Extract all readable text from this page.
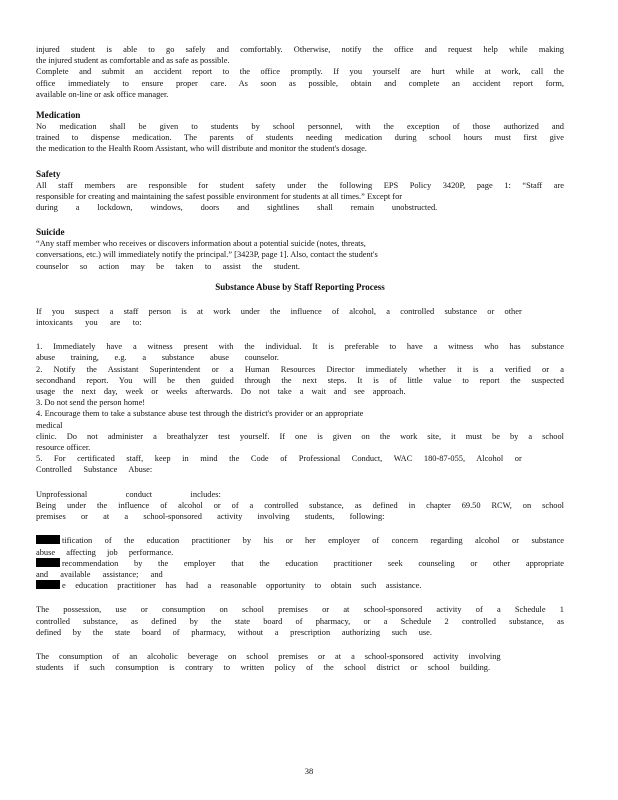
injured student is able to go safely and comfortably. Otherwise, notify the office and request help while making

the injured student as comfortable and as safe as possible.

Complete and submit an accident report to the office promptly. If you yourself are hurt while at work, call the

office immediately to ensure proper care. As soon as possible, obtain and complete an accident report form,

available on-line or ask office manager.

Medication

No medication shall be given to students by school personnel, with the exception of those authorized and

trained to dispense medication. The parents of students needing medication during school hours must first give

the medication to the Health Room Assistant, who will distribute and monitor the student's dosage.

Safety

All staff members are responsible for student safety under the following EPS Policy 3420P, page 1: “Staff are

responsible for creating and maintaining the safest possible environment for students at all times.” Except for

during a lockdown, windows, doors and sightlines shall remain unobstructed.

Suicide

“Any staff member who receives or discovers information about a potential suicide (notes, threats,

conversations, etc.) will immediately notify the principal.” [3423P, page 1]. Also, contact the student's

counselor so action may be taken to assist the student.

Substance Abuse by Staff Reporting Process

If you suspect a staff person is at work under the influence of alcohol, a controlled substance or other

intoxicants you are to:

1. Immediately have a witness present with the individual. It is preferable to have a witness who has substance

abuse training, e.g. a substance abuse counselor.

2. Notify the Assistant Superintendent or a Human Resources Director immediately whether it is a verified or a

secondhand report. You will be then guided through the next steps. It is of little value to report the suspected

usage the next day, week or weeks afterwards. Do not take a wait and see approach.

3. Do not send the person home!

4. Encourage them to take a substance abuse test through the district's provider or an appropriate medical

clinic. Do not administer a breathalyzer test yourself. If one is given on the work site, it must be by a school

resource officer.

5. For certificated staff, keep in mind the Code of Professional Conduct, WAC 180-87-055, Alcohol or

Controlled Substance Abuse:

Unprofessional conduct includes:

Being under the influence of alcohol or of a controlled substance, as defined in chapter 69.50 RCW, on school

premises or at a school-sponsored activity involving students, following:

tification of the education practitioner by his or her employer of concern regarding alcohol or substance

abuse affecting job performance.

recommendation by the employer that the education practitioner seek counseling or other appropriate

and available assistance; and

e education practitioner has had a reasonable opportunity to obtain such assistance.

The possession, use or consumption on school premises or at school-sponsored activity of a Schedule 1

controlled substance, as defined by the state board of pharmacy, or a Schedule 2 controlled substance, as

defined by the state board of pharmacy, without a prescription authorizing such use.

The consumption of an alcoholic beverage on school premises or at a school-sponsored activity involving

students if such consumption is contrary to written policy of the school district or school building.

38
